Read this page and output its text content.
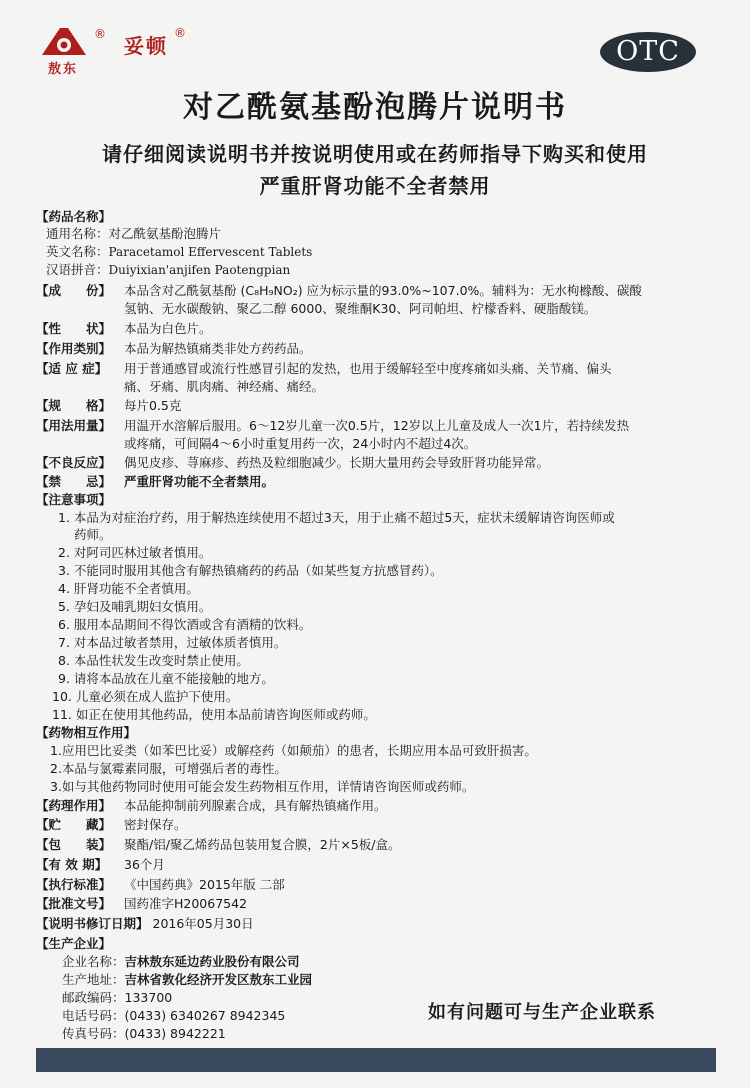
®
敖东
妥顿
®
OTC
对乙酰氨基酚泡腾片说明书
请仔细阅读说明书并按说明使用或在药师指导下购买和使用
严重肝肾功能不全者禁用
【药品名称】
通用名称：对乙酰氨基酚泡腾片
英文名称：Paracetamol Effervescent Tablets
汉语拼音：Duiyixian'anjifen Paotengpian
【成　　份】 本品含对乙酰氨基酚 (C₈H₉NO₂) 应为标示量的93.0%~107.0%。辅料为：无水枸橼酸、碳酸
氢钠、无水碳酸钠、聚乙二醇 6000、聚维酮K30、阿司帕坦、柠檬香料、硬脂酸镁。
【性　　状】 本品为白色片。
【作用类别】 本品为解热镇痛类非处方药药品。
【适 应 症】 用于普通感冒或流行性感冒引起的发热，也用于缓解轻至中度疼痛如头痛、关节痛、偏头
痛、牙痛、肌肉痛、神经痛、痛经。
【规　　格】 每片0.5克
【用法用量】 用温开水溶解后服用。6～12岁儿童一次0.5片，12岁以上儿童及成人一次1片，若持续发热
或疼痛，可间隔4～6小时重复用药一次，24小时内不超过4次。
【不良反应】 偶见皮疹、荨麻疹、药热及粒细胞减少。长期大量用药会导致肝肾功能异常。
【禁　　忌】 严重肝肾功能不全者禁用。
【注意事项】
1. 本品为对症治疗药，用于解热连续使用不超过3天，用于止痛不超过5天，症状未缓解请咨询医师或
药师。
2. 对阿司匹林过敏者慎用。
3. 不能同时服用其他含有解热镇痛药的药品（如某些复方抗感冒药）。
4. 肝肾功能不全者慎用。
5. 孕妇及哺乳期妇女慎用。
6. 服用本品期间不得饮酒或含有酒精的饮料。
7. 对本品过敏者禁用，过敏体质者慎用。
8. 本品性状发生改变时禁止使用。
9. 请将本品放在儿童不能接触的地方。
10. 儿童必须在成人监护下使用。
11. 如正在使用其他药品，使用本品前请咨询医师或药师。
【药物相互作用】
1.应用巴比妥类（如苯巴比妥）或解痉药（如颠茄）的患者，长期应用本品可致肝损害。
2.本品与氯霉素同服，可增强后者的毒性。
3.如与其他药物同时使用可能会发生药物相互作用，详情请咨询医师或药师。
【药理作用】 本品能抑制前列腺素合成，具有解热镇痛作用。
【贮　　藏】 密封保存。
【包　　装】 聚酯/铝/聚乙烯药品包装用复合膜，2片×5板/盒。
【有 效 期】 36个月
【执行标准】 《中国药典》2015年版 二部
【批准文号】 国药准字H20067542
【说明书修订日期】 2016年05月30日
【生产企业】
企业名称：吉林敖东延边药业股份有限公司
生产地址：吉林省敦化经济开发区敖东工业园
邮政编码：133700
电话号码：(0433) 6340267 8942345
传真号码：(0433) 8942221
如有问题可与生产企业联系
